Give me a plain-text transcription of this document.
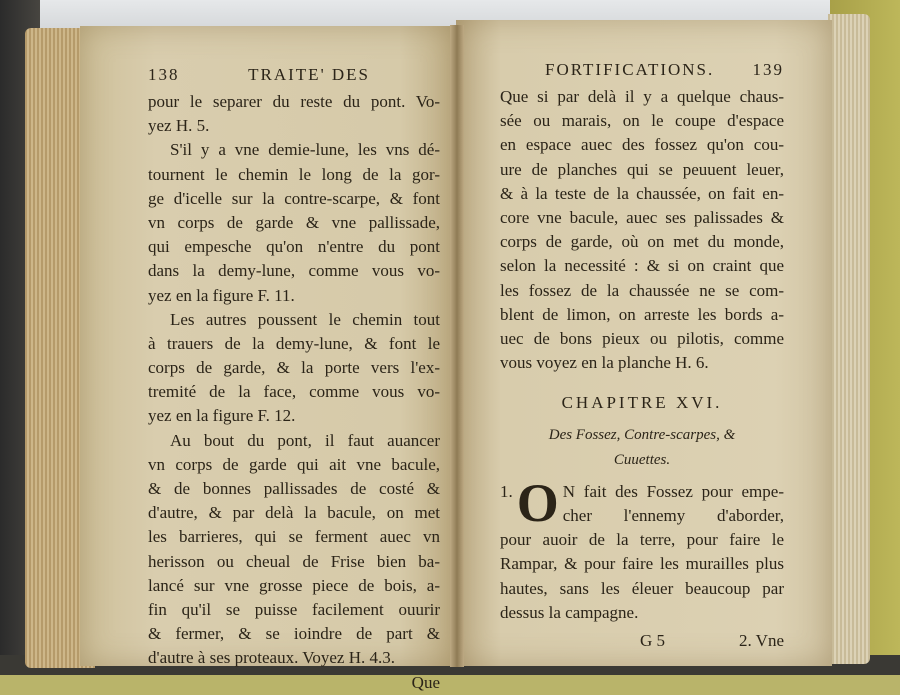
138	TRAITE' DES
pour le separer du reste du pont. Vo-
yez H. 5.
S'il y a vne demie-lune, les vns dé-
tournent le chemin le long de la gor-
ge d'icelle sur la contre-scarpe, & font
vn corps de garde & vne pallissade,
qui empesche qu'on n'entre du pont
dans la demy-lune, comme vous vo-
yez en la figure F. 11.
Les autres poussent le chemin tout
à trauers de la demy-lune, & font le
corps de garde, & la porte vers l'ex-
tremité de la face, comme vous vo-
yez en la figure F. 12.
Au bout du pont, il faut auancer
vn corps de garde qui ait vne bacule,
& de bonnes pallissades de costé &
d'autre, & par delà la bacule, on met
les barrieres, qui se ferment auec vn
herisson ou cheual de Frise bien ba-
lancé sur vne grosse piece de bois, a-
fin qu'il se puisse facilement ouurir
& fermer, & se ioindre de part &
d'autre à ses proteaux. Voyez H. 4.3.
Que
FORTIFICATIONS. 139
Que si par delà il y a quelque chaus-
sée ou marais, on le coupe d'espace
en espace auec des fossez qu'on cou-
ure de planches qui se peuuent leuer,
& à la teste de la chaussée, on fait en-
core vne bacule, auec ses palissades &
corps de garde, où on met du monde,
selon la necessité : & si on craint que
les fossez de la chaussée ne se com-
blent de limon, on arreste les bords a-
uec de bons pieux ou pilotis, comme
vous voyez en la planche H. 6.
CHAPITRE XVI.
Des Fossez, Contre-scarpes, &
Cuuettes.
1. O N fait des Fossez pour empe-
cher l'ennemy d'aborder,
pour auoir de la terre, pour faire le
Rampar, & pour faire les murailles plus
hautes, sans les éleuer beaucoup par
dessus la campagne.
G 5	2. Vne
